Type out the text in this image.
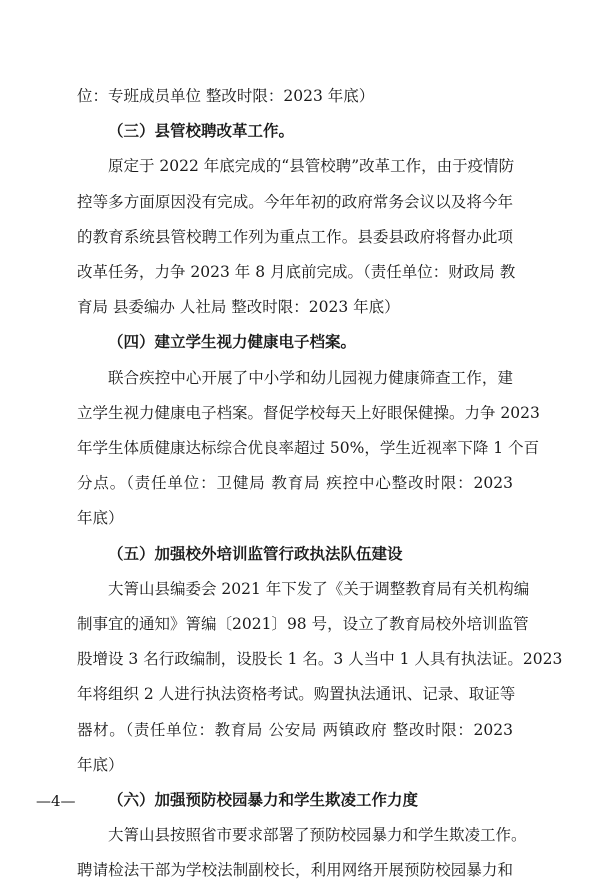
位：专班成员单位 整改时限：2023 年底）
（三）县管校聘改革工作。
原定于 2022 年底完成的“县管校聘”改革工作，由于疫情防
控等多方面原因没有完成。今年年初的政府常务会议以及将今年
的教育系统县管校聘工作列为重点工作。县委县政府将督办此项
改革任务，力争 2023 年 8 月底前完成。（责任单位：财政局 教
育局 县委编办 人社局 整改时限：2023 年底）
（四）建立学生视力健康电子档案。
联合疾控中心开展了中小学和幼儿园视力健康筛查工作，建
立学生视力健康电子档案。督促学校每天上好眼保健操。力争 2023
年学生体质健康达标综合优良率超过 50%，学生近视率下降 1 个百
分点。（责任单位：卫健局 教育局 疾控中心整改时限：2023
年底）
（五）加强校外培训监管行政执法队伍建设
大箐山县编委会 2021 年下发了《关于调整教育局有关机构编
制事宜的通知》箐编〔2021〕98 号，设立了教育局校外培训监管
股增设 3 名行政编制，设股长 1 名。3 人当中 1 人具有执法证。2023
年将组织 2 人进行执法资格考试。购置执法通讯、记录、取证等
器材。（责任单位：教育局 公安局 两镇政府 整改时限：2023
年底）
（六）加强预防校园暴力和学生欺凌工作力度
大箐山县按照省市要求部署了预防校园暴力和学生欺凌工作。
聘请检法干部为学校法制副校长，利用网络开展预防校园暴力和
—4—
